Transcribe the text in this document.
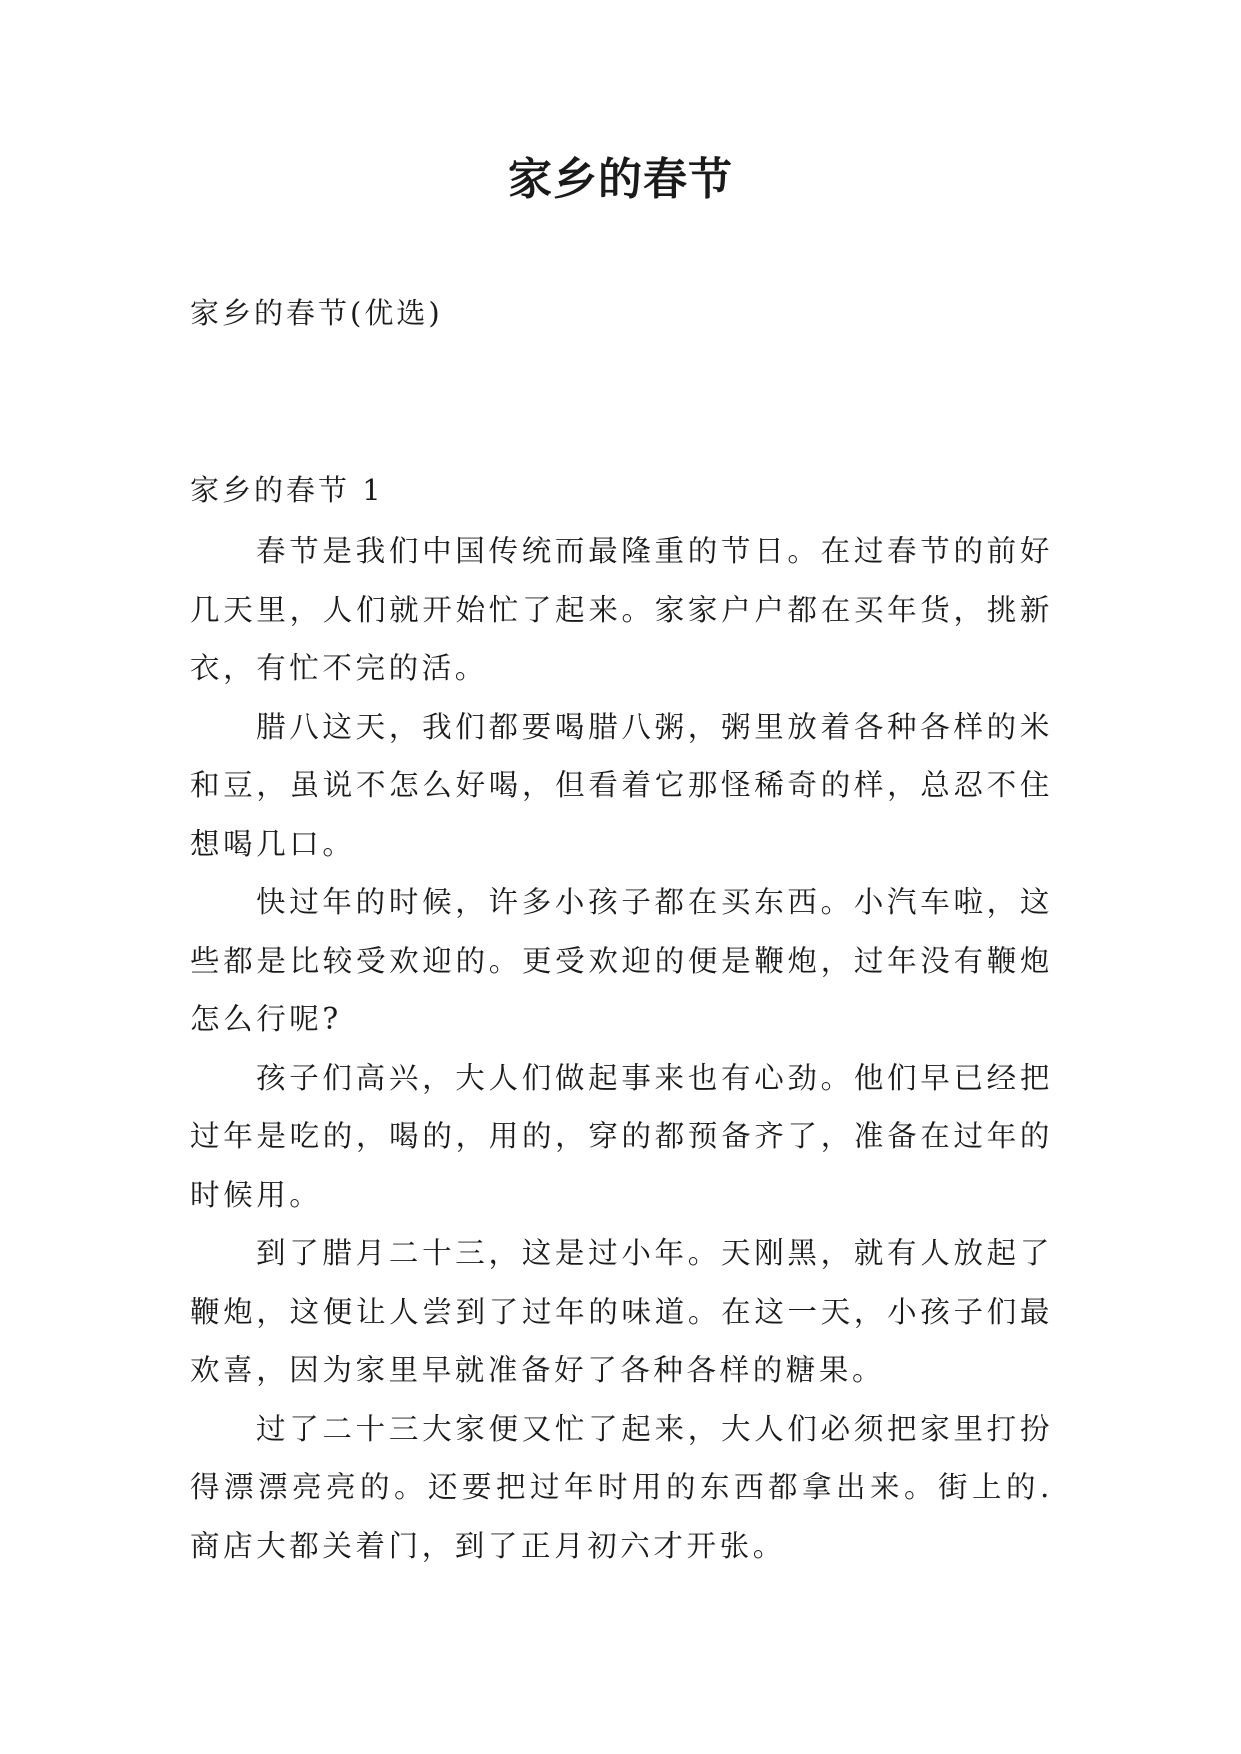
家乡的春节
家乡的春节(优选)
家乡的春节 1

春节是我们中国传统而最隆重的节日。在过春节的前好几天里，人们就开始忙了起来。家家户户都在买年货，挑新衣，有忙不完的活。

腊八这天，我们都要喝腊八粥，粥里放着各种各样的米和豆，虽说不怎么好喝，但看着它那怪稀奇的样，总忍不住想喝几口。

快过年的时候，许多小孩子都在买东西。小汽车啦，这些都是比较受欢迎的。更受欢迎的便是鞭炮，过年没有鞭炮怎么行呢?

孩子们高兴，大人们做起事来也有心劲。他们早已经把过年是吃的，喝的，用的，穿的都预备齐了，准备在过年的时候用。

到了腊月二十三，这是过小年。天刚黑，就有人放起了鞭炮，这便让人尝到了过年的味道。在这一天，小孩子们最欢喜，因为家里早就准备好了各种各样的糖果。

过了二十三大家便又忙了起来，大人们必须把家里打扮得漂漂亮亮的。还要把过年时用的东西都拿出来。街上的.商店大都关着门，到了正月初六才开张。
